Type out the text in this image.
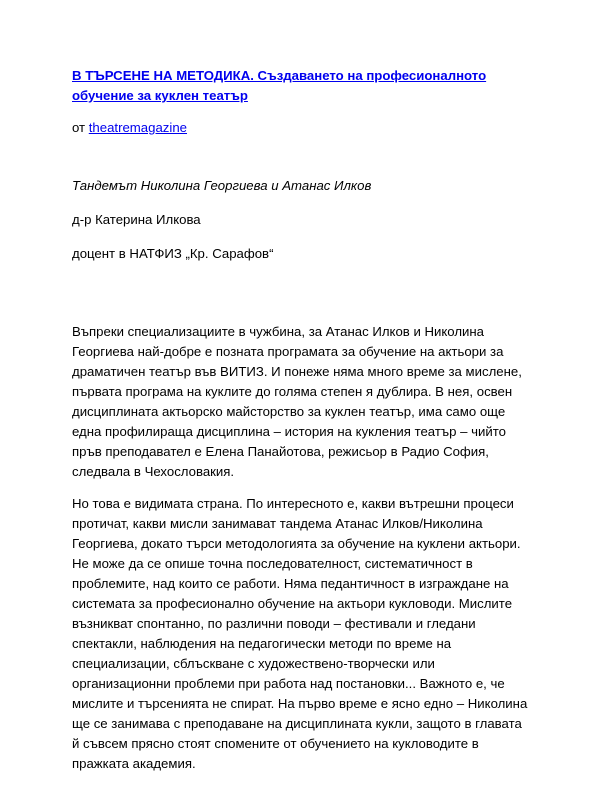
В ТЪРСЕНЕ НА МЕТОДИКА. Създаването на професионалното
обучение за куклен театър

от theatremagazine

Тандемът Николина Георгиева и Атанас Илков

д-р Катерина Илкова

доцент в НАТФИЗ „Кр. Сарафов“

Въпреки специализациите в чужбина, за Атанас Илков и Николина Георгиева най-добре е позната програмата за обучение на актьори за драматичен театър във ВИТИЗ. И понеже няма много време за мислене, първата програма на куклите до голяма степен я дублира. В нея, освен дисциплината актьорско майсторство за куклен театър, има само още една профилираща дисциплина – история на кукления театър – чийто пръв преподавател е Елена Панайотова, режисьор в Радио София, следвала в Чехословакия.

Но това е видимата страна. По интересното е, какви вътрешни процеси протичат, какви мисли занимават тандема Атанас Илков/Николина Георгиева, докато търси методологията за обучение на куклени актьори. Не може да се опише точна последователност, систематичност в проблемите, над които се работи. Няма педантичност в изграждане на системата за професионално обучение на актьори кукловоди. Мислите възникват спонтанно, по различни поводи – фестивали и гледани спектакли, наблюдения на педагогически методи по време на специализации, сблъскване с художествено-творчески или организационни проблеми при работа над постановки... Важното е, че мислите и търсенията не спират. На първо време е ясно едно – Николина ще се занимава с преподаване на дисциплината кукли, защото в главата й съвсем прясно стоят спомените от обучението на кукловодите в пражката академия.
